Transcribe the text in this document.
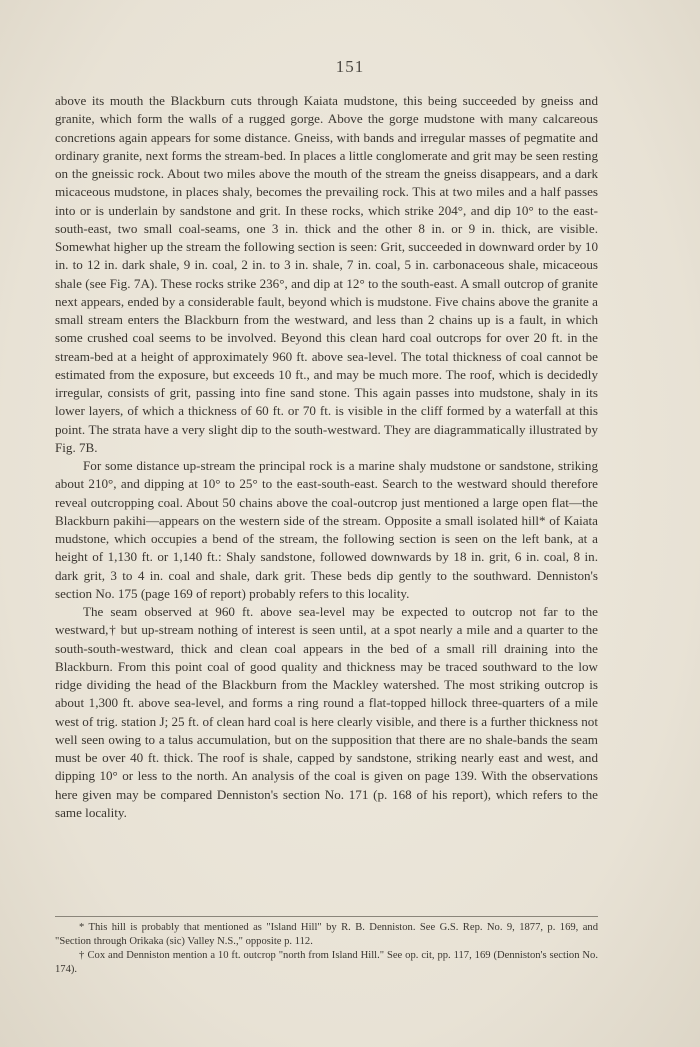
151

above its mouth the Blackburn cuts through Kaiata mudstone, this being succeeded by gneiss and granite, which form the walls of a rugged gorge. Above the gorge mudstone with many calcareous concretions again appears for some distance. Gneiss, with bands and irregular masses of pegmatite and ordinary granite, next forms the stream-bed. In places a little conglomerate and grit may be seen resting on the gneissic rock. About two miles above the mouth of the stream the gneiss disappears, and a dark micaceous mudstone, in places shaly, becomes the prevailing rock. This at two miles and a half passes into or is underlain by sandstone and grit. In these rocks, which strike 204°, and dip 10° to the east-south-east, two small coal-seams, one 3 in. thick and the other 8 in. or 9 in. thick, are visible. Somewhat higher up the stream the following section is seen: Grit, succeeded in downward order by 10 in. to 12 in. dark shale, 9 in. coal, 2 in. to 3 in. shale, 7 in. coal, 5 in. carbonaceous shale, micaceous shale (see Fig. 7A). These rocks strike 236°, and dip at 12° to the south-east. A small outcrop of granite next appears, ended by a considerable fault, beyond which is mudstone. Five chains above the granite a small stream enters the Blackburn from the westward, and less than 2 chains up is a fault, in which some crushed coal seems to be involved. Beyond this clean hard coal outcrops for over 20 ft. in the stream-bed at a height of approximately 960 ft. above sea-level. The total thickness of coal cannot be estimated from the exposure, but exceeds 10 ft., and may be much more. The roof, which is decidedly irregular, consists of grit, passing into fine sand stone. This again passes into mudstone, shaly in its lower layers, of which a thickness of 60 ft. or 70 ft. is visible in the cliff formed by a waterfall at this point. The strata have a very slight dip to the south-westward. They are diagrammatically illustrated by Fig. 7B.

For some distance up-stream the principal rock is a marine shaly mudstone or sandstone, striking about 210°, and dipping at 10° to 25° to the east-south-east. Search to the westward should therefore reveal outcropping coal. About 50 chains above the coal-outcrop just mentioned a large open flat—the Blackburn pakihi—appears on the western side of the stream. Opposite a small isolated hill* of Kaiata mudstone, which occupies a bend of the stream, the following section is seen on the left bank, at a height of 1,130 ft. or 1,140 ft.: Shaly sandstone, followed downwards by 18 in. grit, 6 in. coal, 8 in. dark grit, 3 to 4 in. coal and shale, dark grit. These beds dip gently to the southward. Denniston's section No. 175 (page 169 of report) probably refers to this locality.

The seam observed at 960 ft. above sea-level may be expected to outcrop not far to the westward,† but up-stream nothing of interest is seen until, at a spot nearly a mile and a quarter to the south-south-westward, thick and clean coal appears in the bed of a small rill draining into the Blackburn. From this point coal of good quality and thickness may be traced southward to the low ridge dividing the head of the Blackburn from the Mackley watershed. The most striking outcrop is about 1,300 ft. above sea-level, and forms a ring round a flat-topped hillock three-quarters of a mile west of trig. station J; 25 ft. of clean hard coal is here clearly visible, and there is a further thickness not well seen owing to a talus accumulation, but on the supposition that there are no shale-bands the seam must be over 40 ft. thick. The roof is shale, capped by sandstone, striking nearly east and west, and dipping 10° or less to the north. An analysis of the coal is given on page 139. With the observations here given may be compared Denniston's section No. 171 (p. 168 of his report), which refers to the same locality.

* This hill is probably that mentioned as "Island Hill" by R. B. Denniston. See G.S. Rep. No. 9, 1877, p. 169, and "Section through Orikaka (sic) Valley N.S.," opposite p. 112.

† Cox and Denniston mention a 10 ft. outcrop "north from Island Hill." See op. cit, pp. 117, 169 (Denniston's section No. 174).
